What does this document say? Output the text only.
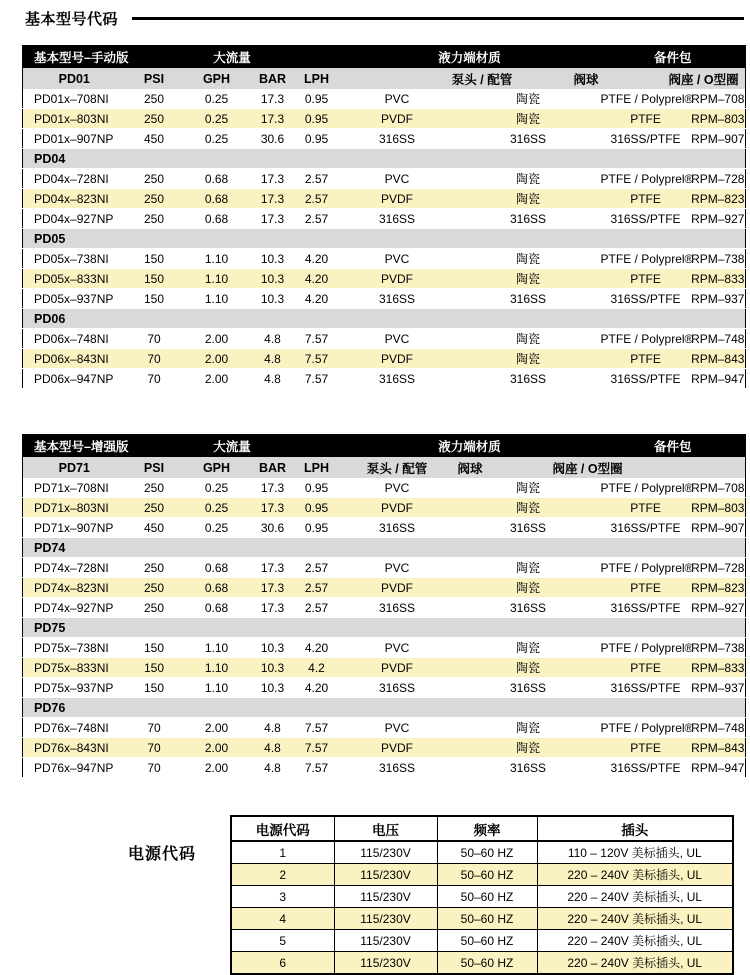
基本型号代码
基本型号–手动版	大流量				液力端材质		备件包	
PD01	PSI	GPH	BAR	LPH	泵头 / 配管	阀球	阀座 / O型圈	
PD01x–708NI	250	0.25	17.3	0.95	PVC	陶瓷	PTFE / Polyprel®	RPM–708
PD01x–803NI	250	0.25	17.3	0.95	PVDF	陶瓷	PTFE	RPM–803
PD01x–907NP	450	0.25	30.6	0.95	316SS	316SS	316SS/PTFE	RPM–907
PD04								
PD04x–728NI	250	0.68	17.3	2.57	PVC	陶瓷	PTFE / Polyprel®	RPM–728
PD04x–823NI	250	0.68	17.3	2.57	PVDF	陶瓷	PTFE	RPM–823
PD04x–927NP	250	0.68	17.3	2.57	316SS	316SS	316SS/PTFE	RPM–927
PD05								
PD05x–738NI	150	1.10	10.3	4.20	PVC	陶瓷	PTFE / Polyprel®	RPM–738
PD05x–833NI	150	1.10	10.3	4.20	PVDF	陶瓷	PTFE	RPM–833
PD05x–937NP	150	1.10	10.3	4.20	316SS	316SS	316SS/PTFE	RPM–937
PD06								
PD06x–748NI	70	2.00	4.8	7.57	PVC	陶瓷	PTFE / Polyprel®	RPM–748
PD06x–843NI	70	2.00	4.8	7.57	PVDF	陶瓷	PTFE	RPM–843
PD06x–947NP	70	2.00	4.8	7.57	316SS	316SS	316SS/PTFE	RPM–947
基本型号–增强版	大流量				液力端材质		备件包	
PD71	PSI	GPH	BAR	LPH	泵头 / 配管	阀球	阀座 / O型圈	
PD71x–708NI	250	0.25	17.3	0.95	PVC	陶瓷	PTFE / Polyprel®	RPM–708
PD71x–803NI	250	0.25	17.3	0.95	PVDF	陶瓷	PTFE	RPM–803
PD71x–907NP	450	0.25	30.6	0.95	316SS	316SS	316SS/PTFE	RPM–907
PD74								
PD74x–728NI	250	0.68	17.3	2.57	PVC	陶瓷	PTFE / Polyprel®	RPM–728
PD74x–823NI	250	0.68	17.3	2.57	PVDF	陶瓷	PTFE	RPM–823
PD74x–927NP	250	0.68	17.3	2.57	316SS	316SS	316SS/PTFE	RPM–927
PD75								
PD75x–738NI	150	1.10	10.3	4.20	PVC	陶瓷	PTFE / Polyprel®	RPM–738
PD75x–833NI	150	1.10	10.3	4.2	PVDF	陶瓷	PTFE	RPM–833
PD75x–937NP	150	1.10	10.3	4.20	316SS	316SS	316SS/PTFE	RPM–937
PD76								
PD76x–748NI	70	2.00	4.8	7.57	PVC	陶瓷	PTFE / Polyprel®	RPM–748
PD76x–843NI	70	2.00	4.8	7.57	PVDF	陶瓷	PTFE	RPM–843
PD76x–947NP	70	2.00	4.8	7.57	316SS	316SS	316SS/PTFE	RPM–947
电源代码
电源代码	电压	频率	插头
1	115/230V	50–60 HZ	110 – 120V 美标插头, UL
2	115/230V	50–60 HZ	220 – 240V 美标插头, UL
3	115/230V	50–60 HZ	220 – 240V 美标插头, UL
4	115/230V	50–60 HZ	220 – 240V 美标插头, UL
5	115/230V	50–60 HZ	220 – 240V 美标插头, UL
6	115/230V	50–60 HZ	220 – 240V 美标插头, UL
